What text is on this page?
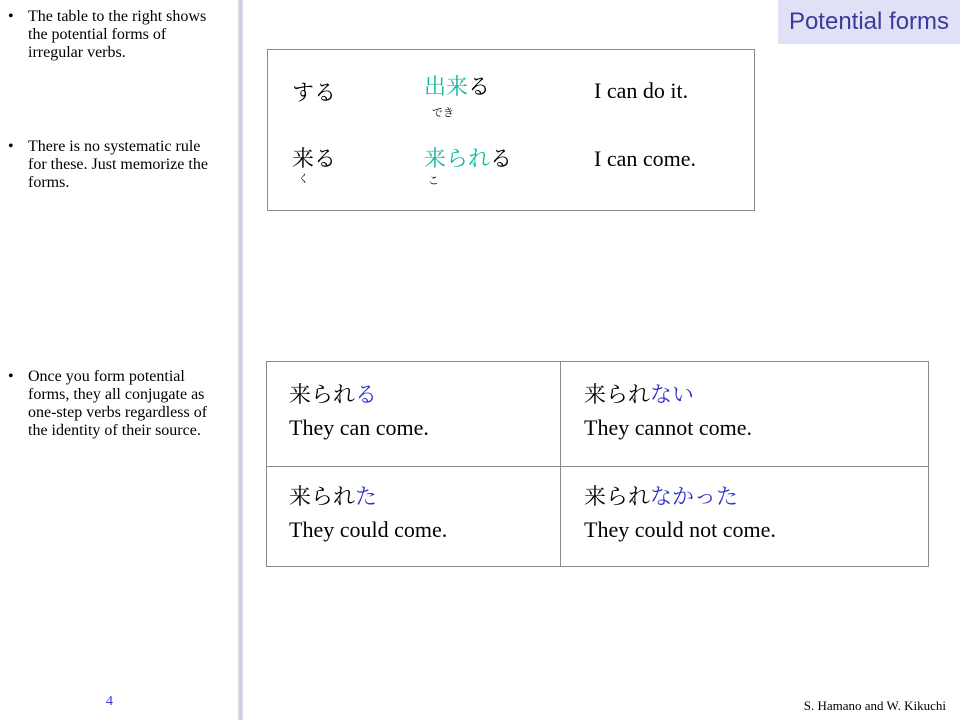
• The table to the right shows the potential forms of irregular verbs.
• There is no systematic rule for these. Just memorize the forms.
• Once you form potential forms, they all conjugate as one-step verbs regardless of the identity of their source.
4
Potential forms
する	出来る
でき
I can do it.
来る
く
来られる
こ
I can come.
来られる
They can come.
来られない
They cannot come.
来られた
They could come.
来られなかった
They could not come.
S. Hamano and W. Kikuchi
